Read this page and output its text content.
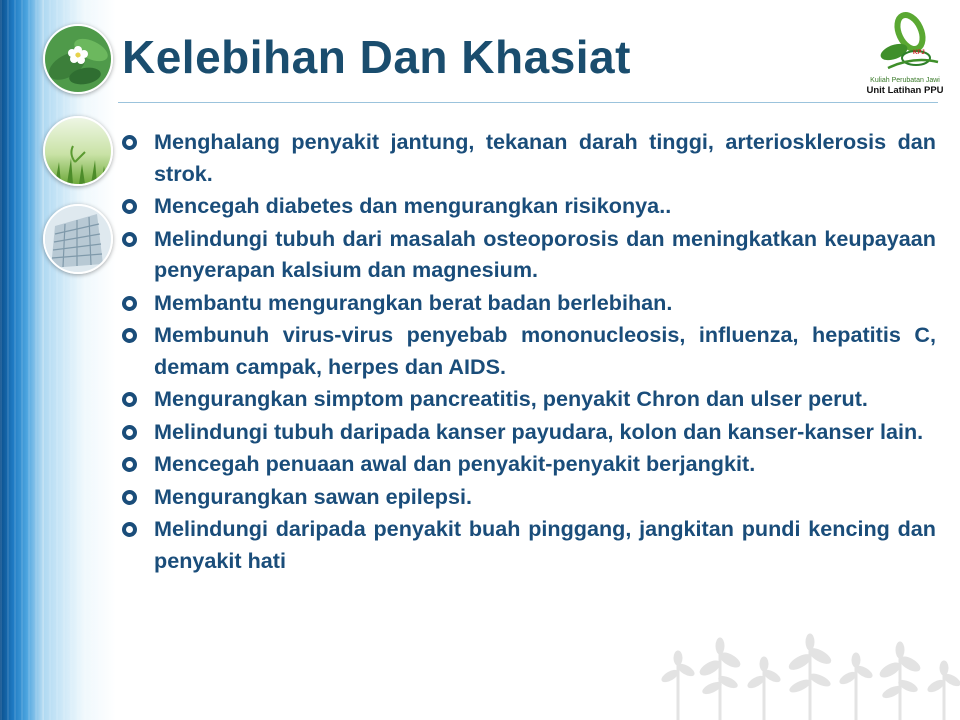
Kelebihan Dan Khasiat	KPJ
Kuliah Perubatan Jawi
Unit Latihan PPU
Menghalang penyakit jantung, tekanan darah tinggi, arteriosklerosis dan strok.
Mencegah diabetes dan mengurangkan risikonya..
Melindungi tubuh dari masalah osteoporosis dan meningkatkan keupayaan penyerapan kalsium dan magnesium.
Membantu mengurangkan berat badan berlebihan.
Membunuh virus-virus penyebab mononucleosis, influenza, hepatitis C, demam campak, herpes dan AIDS.
Mengurangkan simptom pancreatitis, penyakit Chron dan ulser perut.
Melindungi tubuh daripada kanser payudara, kolon dan kanser-kanser lain.
Mencegah penuaan awal dan penyakit-penyakit berjangkit.
Mengurangkan sawan epilepsi.
Melindungi daripada penyakit buah pinggang, jangkitan pundi kencing dan penyakit hati
